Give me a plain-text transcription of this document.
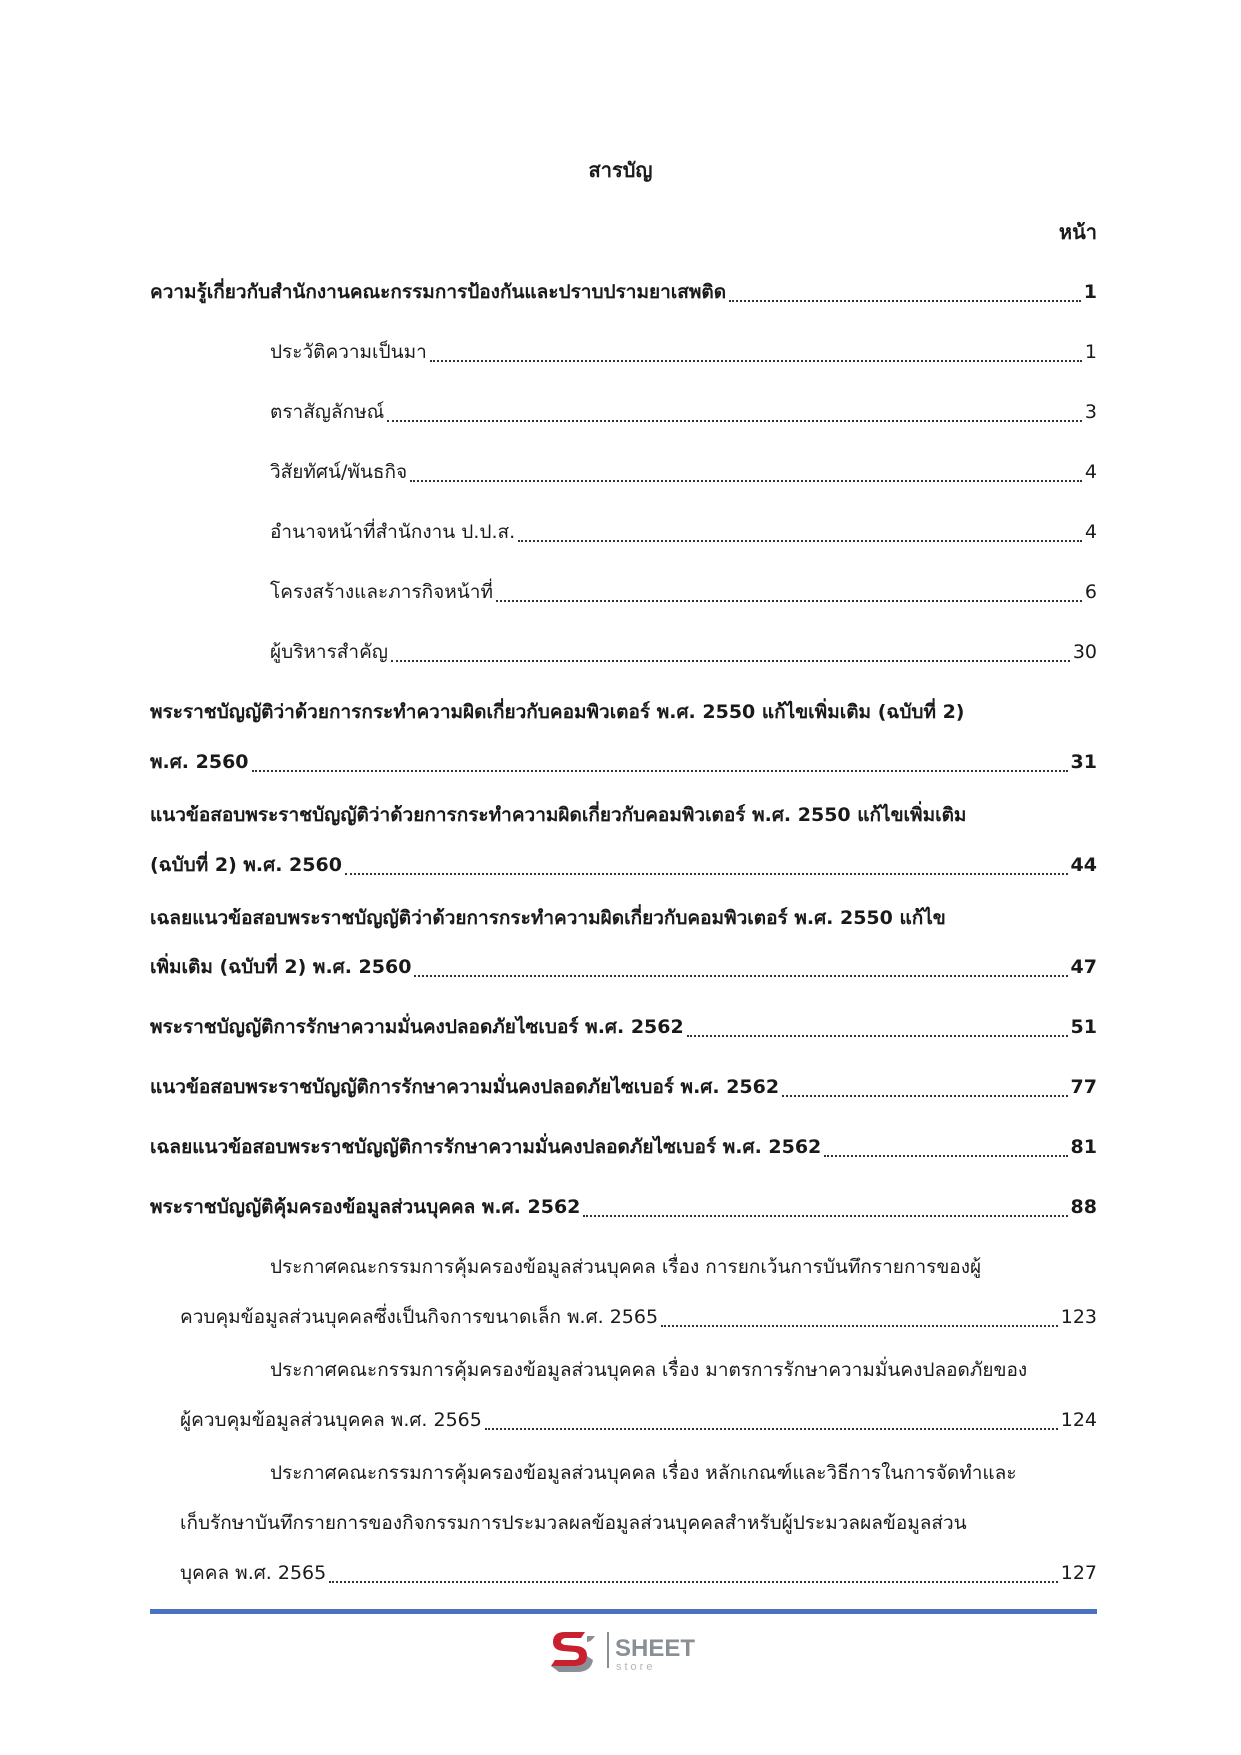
สารบัญ
หน้า
ความรู้เกี่ยวกับสำนักงานคณะกรรมการป้องกันและปราบปรามยาเสพติด	1
ประวัติความเป็นมา	1
ตราสัญลักษณ์	3
วิสัยทัศน์/พันธกิจ	4
อำนาจหน้าที่สำนักงาน ป.ป.ส.	4
โครงสร้างและภารกิจหน้าที่	6
ผู้บริหารสำคัญ	30
พระราชบัญญัติว่าด้วยการกระทำความผิดเกี่ยวกับคอมพิวเตอร์ พ.ศ. 2550 แก้ไขเพิ่มเติม (ฉบับที่ 2)
พ.ศ. 2560	31
แนวข้อสอบพระราชบัญญัติว่าด้วยการกระทำความผิดเกี่ยวกับคอมพิวเตอร์ พ.ศ. 2550 แก้ไขเพิ่มเติม
(ฉบับที่ 2) พ.ศ. 2560	44
เฉลยแนวข้อสอบพระราชบัญญัติว่าด้วยการกระทำความผิดเกี่ยวกับคอมพิวเตอร์ พ.ศ. 2550 แก้ไข
เพิ่มเติม (ฉบับที่ 2) พ.ศ. 2560	47
พระราชบัญญัติการรักษาความมั่นคงปลอดภัยไซเบอร์ พ.ศ. 2562	51
แนวข้อสอบพระราชบัญญัติการรักษาความมั่นคงปลอดภัยไซเบอร์ พ.ศ. 2562	77
เฉลยแนวข้อสอบพระราชบัญญัติการรักษาความมั่นคงปลอดภัยไซเบอร์ พ.ศ. 2562	81
พระราชบัญญัติคุ้มครองข้อมูลส่วนบุคคล พ.ศ. 2562	88
ประกาศคณะกรรมการคุ้มครองข้อมูลส่วนบุคคล เรื่อง การยกเว้นการบันทึกรายการของผู้
ควบคุมข้อมูลส่วนบุคคลซึ่งเป็นกิจการขนาดเล็ก พ.ศ. 2565	123
ประกาศคณะกรรมการคุ้มครองข้อมูลส่วนบุคคล เรื่อง มาตรการรักษาความมั่นคงปลอดภัยของ
ผู้ควบคุมข้อมูลส่วนบุคคล พ.ศ. 2565	124
ประกาศคณะกรรมการคุ้มครองข้อมูลส่วนบุคคล เรื่อง หลักเกณฑ์และวิธีการในการจัดทำและ
เก็บรักษาบันทึกรายการของกิจกรรมการประมวลผลข้อมูลส่วนบุคคลสำหรับผู้ประมวลผลข้อมูลส่วน
บุคคล พ.ศ. 2565	127
SHEET
store
